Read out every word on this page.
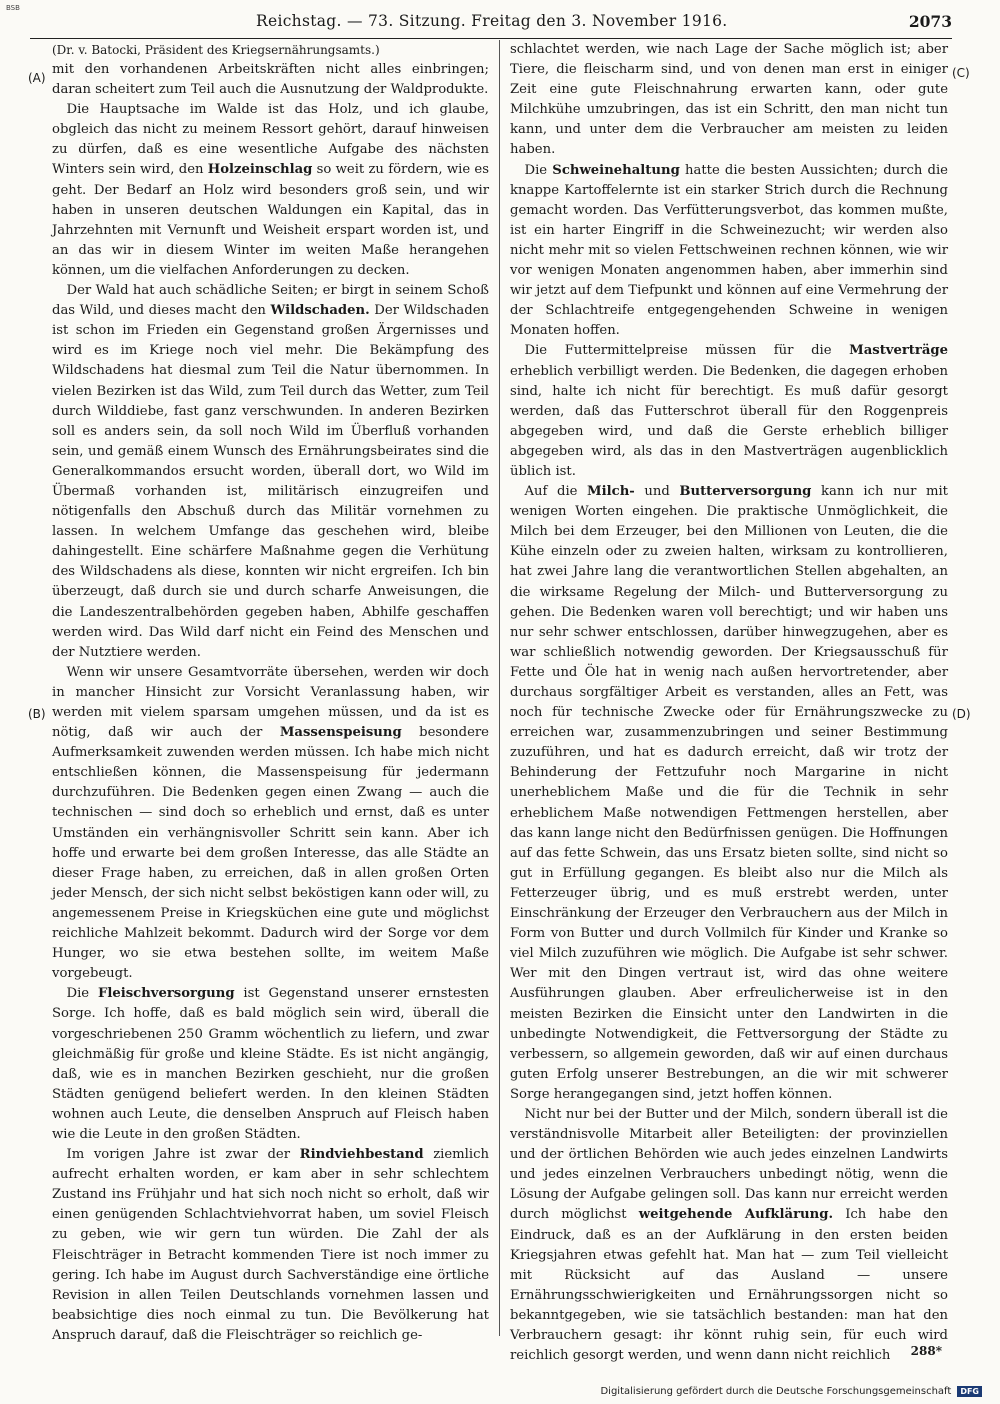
BSB
Reichstag. — 73. Sitzung. Freitag den 3. November 1916.	2073
(A)
(B)
(C)
(D)

(Dr. v. Batocki, Präsident des Kriegsernährungsamts.)

mit den vorhandenen Arbeitskräften nicht alles einbringen; daran scheitert zum Teil auch die Ausnutzung der Waldprodukte.

Die Hauptsache im Walde ist das Holz, und ich glaube, obgleich das nicht zu meinem Ressort gehört, darauf hinweisen zu dürfen, daß es eine wesentliche Aufgabe des nächsten Winters sein wird, den Holzeinschlag so weit zu fördern, wie es geht. Der Bedarf an Holz wird besonders groß sein, und wir haben in unseren deutschen Waldungen ein Kapital, das in Jahrzehnten mit Vernunft und Weisheit erspart worden ist, und an das wir in diesem Winter im weiten Maße herangehen können, um die vielfachen Anforderungen zu decken.

Der Wald hat auch schädliche Seiten; er birgt in seinem Schoß das Wild, und dieses macht den Wildschaden. Der Wildschaden ist schon im Frieden ein Gegenstand großen Ärgernisses und wird es im Kriege noch viel mehr. Die Bekämpfung des Wildschadens hat diesmal zum Teil die Natur übernommen. In vielen Bezirken ist das Wild, zum Teil durch das Wetter, zum Teil durch Wilddiebe, fast ganz verschwunden. In anderen Bezirken soll es anders sein, da soll noch Wild im Überfluß vorhanden sein, und gemäß einem Wunsch des Ernährungsbeirates sind die Generalkommandos ersucht worden, überall dort, wo Wild im Übermaß vorhanden ist, militärisch einzugreifen und nötigenfalls den Abschuß durch das Militär vornehmen zu lassen. In welchem Umfange das geschehen wird, bleibe dahingestellt. Eine schärfere Maßnahme gegen die Verhütung des Wildschadens als diese, konnten wir nicht ergreifen. Ich bin überzeugt, daß durch sie und durch scharfe Anweisungen, die die Landeszentralbehörden gegeben haben, Abhilfe geschaffen werden wird. Das Wild darf nicht ein Feind des Menschen und der Nutztiere werden.

Wenn wir unsere Gesamtvorräte übersehen, werden wir doch in mancher Hinsicht zur Vorsicht Veranlassung haben, wir werden mit vielem sparsam umgehen müssen, und da ist es nötig, daß wir auch der Massenspeisung besondere Aufmerksamkeit zuwenden werden müssen. Ich habe mich nicht entschließen können, die Massenspeisung für jedermann durchzuführen. Die Bedenken gegen einen Zwang — auch die technischen — sind doch so erheblich und ernst, daß es unter Umständen ein verhängnisvoller Schritt sein kann. Aber ich hoffe und erwarte bei dem großen Interesse, das alle Städte an dieser Frage haben, zu erreichen, daß in allen großen Orten jeder Mensch, der sich nicht selbst beköstigen kann oder will, zu angemessenem Preise in Kriegsküchen eine gute und möglichst reichliche Mahlzeit bekommt. Dadurch wird der Sorge vor dem Hunger, wo sie etwa bestehen sollte, im weitem Maße vorgebeugt.

Die Fleischversorgung ist Gegenstand unserer ernstesten Sorge. Ich hoffe, daß es bald möglich sein wird, überall die vorgeschriebenen 250 Gramm wöchentlich zu liefern, und zwar gleichmäßig für große und kleine Städte. Es ist nicht angängig, daß, wie es in manchen Bezirken geschieht, nur die großen Städten genügend beliefert werden. In den kleinen Städten wohnen auch Leute, die denselben Anspruch auf Fleisch haben wie die Leute in den großen Städten.

Im vorigen Jahre ist zwar der Rindviehbestand ziemlich aufrecht erhalten worden, er kam aber in sehr schlechtem Zustand ins Frühjahr und hat sich noch nicht so erholt, daß wir einen genügenden Schlachtviehvorrat haben, um soviel Fleisch zu geben, wie wir gern tun würden. Die Zahl der als Fleischträger in Betracht kommenden Tiere ist noch immer zu gering. Ich habe im August durch Sachverständige eine örtliche Revision in allen Teilen Deutschlands vornehmen lassen und beabsichtige dies noch einmal zu tun. Die Bevölkerung hat Anspruch darauf, daß die Fleischträger so reichlich ge-

schlachtet werden, wie nach Lage der Sache möglich ist; aber Tiere, die fleischarm sind, und von denen man erst in einiger Zeit eine gute Fleischnahrung erwarten kann, oder gute Milchkühe umzubringen, das ist ein Schritt, den man nicht tun kann, und unter dem die Verbraucher am meisten zu leiden haben.

Die Schweinehaltung hatte die besten Aussichten; durch die knappe Kartoffelernte ist ein starker Strich durch die Rechnung gemacht worden. Das Verfütterungsverbot, das kommen mußte, ist ein harter Eingriff in die Schweinezucht; wir werden also nicht mehr mit so vielen Fettschweinen rechnen können, wie wir vor wenigen Monaten angenommen haben, aber immerhin sind wir jetzt auf dem Tiefpunkt und können auf eine Vermehrung der der Schlachtreife entgegengehenden Schweine in wenigen Monaten hoffen.

Die Futtermittelpreise müssen für die Mastverträge erheblich verbilligt werden. Die Bedenken, die dagegen erhoben sind, halte ich nicht für berechtigt. Es muß dafür gesorgt werden, daß das Futterschrot überall für den Roggenpreis abgegeben wird, und daß die Gerste erheblich billiger abgegeben wird, als das in den Mastverträgen augenblicklich üblich ist.

Auf die Milch- und Butterversorgung kann ich nur mit wenigen Worten eingehen. Die praktische Unmöglichkeit, die Milch bei dem Erzeuger, bei den Millionen von Leuten, die die Kühe einzeln oder zu zweien halten, wirksam zu kontrollieren, hat zwei Jahre lang die verantwortlichen Stellen abgehalten, an die wirksame Regelung der Milch- und Butterversorgung zu gehen. Die Bedenken waren voll berechtigt; und wir haben uns nur sehr schwer entschlossen, darüber hinwegzugehen, aber es war schließlich notwendig geworden. Der Kriegsausschuß für Fette und Öle hat in wenig nach außen hervortretender, aber durchaus sorgfältiger Arbeit es verstanden, alles an Fett, was noch für technische Zwecke oder für Ernährungszwecke zu erreichen war, zusammenzubringen und seiner Bestimmung zuzuführen, und hat es dadurch erreicht, daß wir trotz der Behinderung der Fettzufuhr noch Margarine in nicht unerheblichem Maße und die für die Technik in sehr erheblichem Maße notwendigen Fettmengen herstellen, aber das kann lange nicht den Bedürfnissen genügen. Die Hoffnungen auf das fette Schwein, das uns Ersatz bieten sollte, sind nicht so gut in Erfüllung gegangen. Es bleibt also nur die Milch als Fetterzeuger übrig, und es muß erstrebt werden, unter Einschränkung der Erzeuger den Verbrauchern aus der Milch in Form von Butter und durch Vollmilch für Kinder und Kranke so viel Milch zuzuführen wie möglich. Die Aufgabe ist sehr schwer. Wer mit den Dingen vertraut ist, wird das ohne weitere Ausführungen glauben. Aber erfreulicherweise ist in den meisten Bezirken die Einsicht unter den Landwirten in die unbedingte Notwendigkeit, die Fettversorgung der Städte zu verbessern, so allgemein geworden, daß wir auf einen durchaus guten Erfolg unserer Bestrebungen, an die wir mit schwerer Sorge herangegangen sind, jetzt hoffen können.

Nicht nur bei der Butter und der Milch, sondern überall ist die verständnisvolle Mitarbeit aller Beteiligten: der provinziellen und der örtlichen Behörden wie auch jedes einzelnen Landwirts und jedes einzelnen Verbrauchers unbedingt nötig, wenn die Lösung der Aufgabe gelingen soll. Das kann nur erreicht werden durch möglichst weitgehende Aufklärung. Ich habe den Eindruck, daß es an der Aufklärung in den ersten beiden Kriegsjahren etwas gefehlt hat. Man hat — zum Teil vielleicht mit Rücksicht auf das Ausland — unsere Ernährungsschwierigkeiten und Ernährungssorgen nicht so bekanntgegeben, wie sie tatsächlich bestanden: man hat den Verbrauchern gesagt: ihr könnt ruhig sein, für euch wird reichlich gesorgt werden, und wenn dann nicht reichlich	288*
Digitalisierung gefördert durch die Deutsche Forschungsgemeinschaft	DFG
